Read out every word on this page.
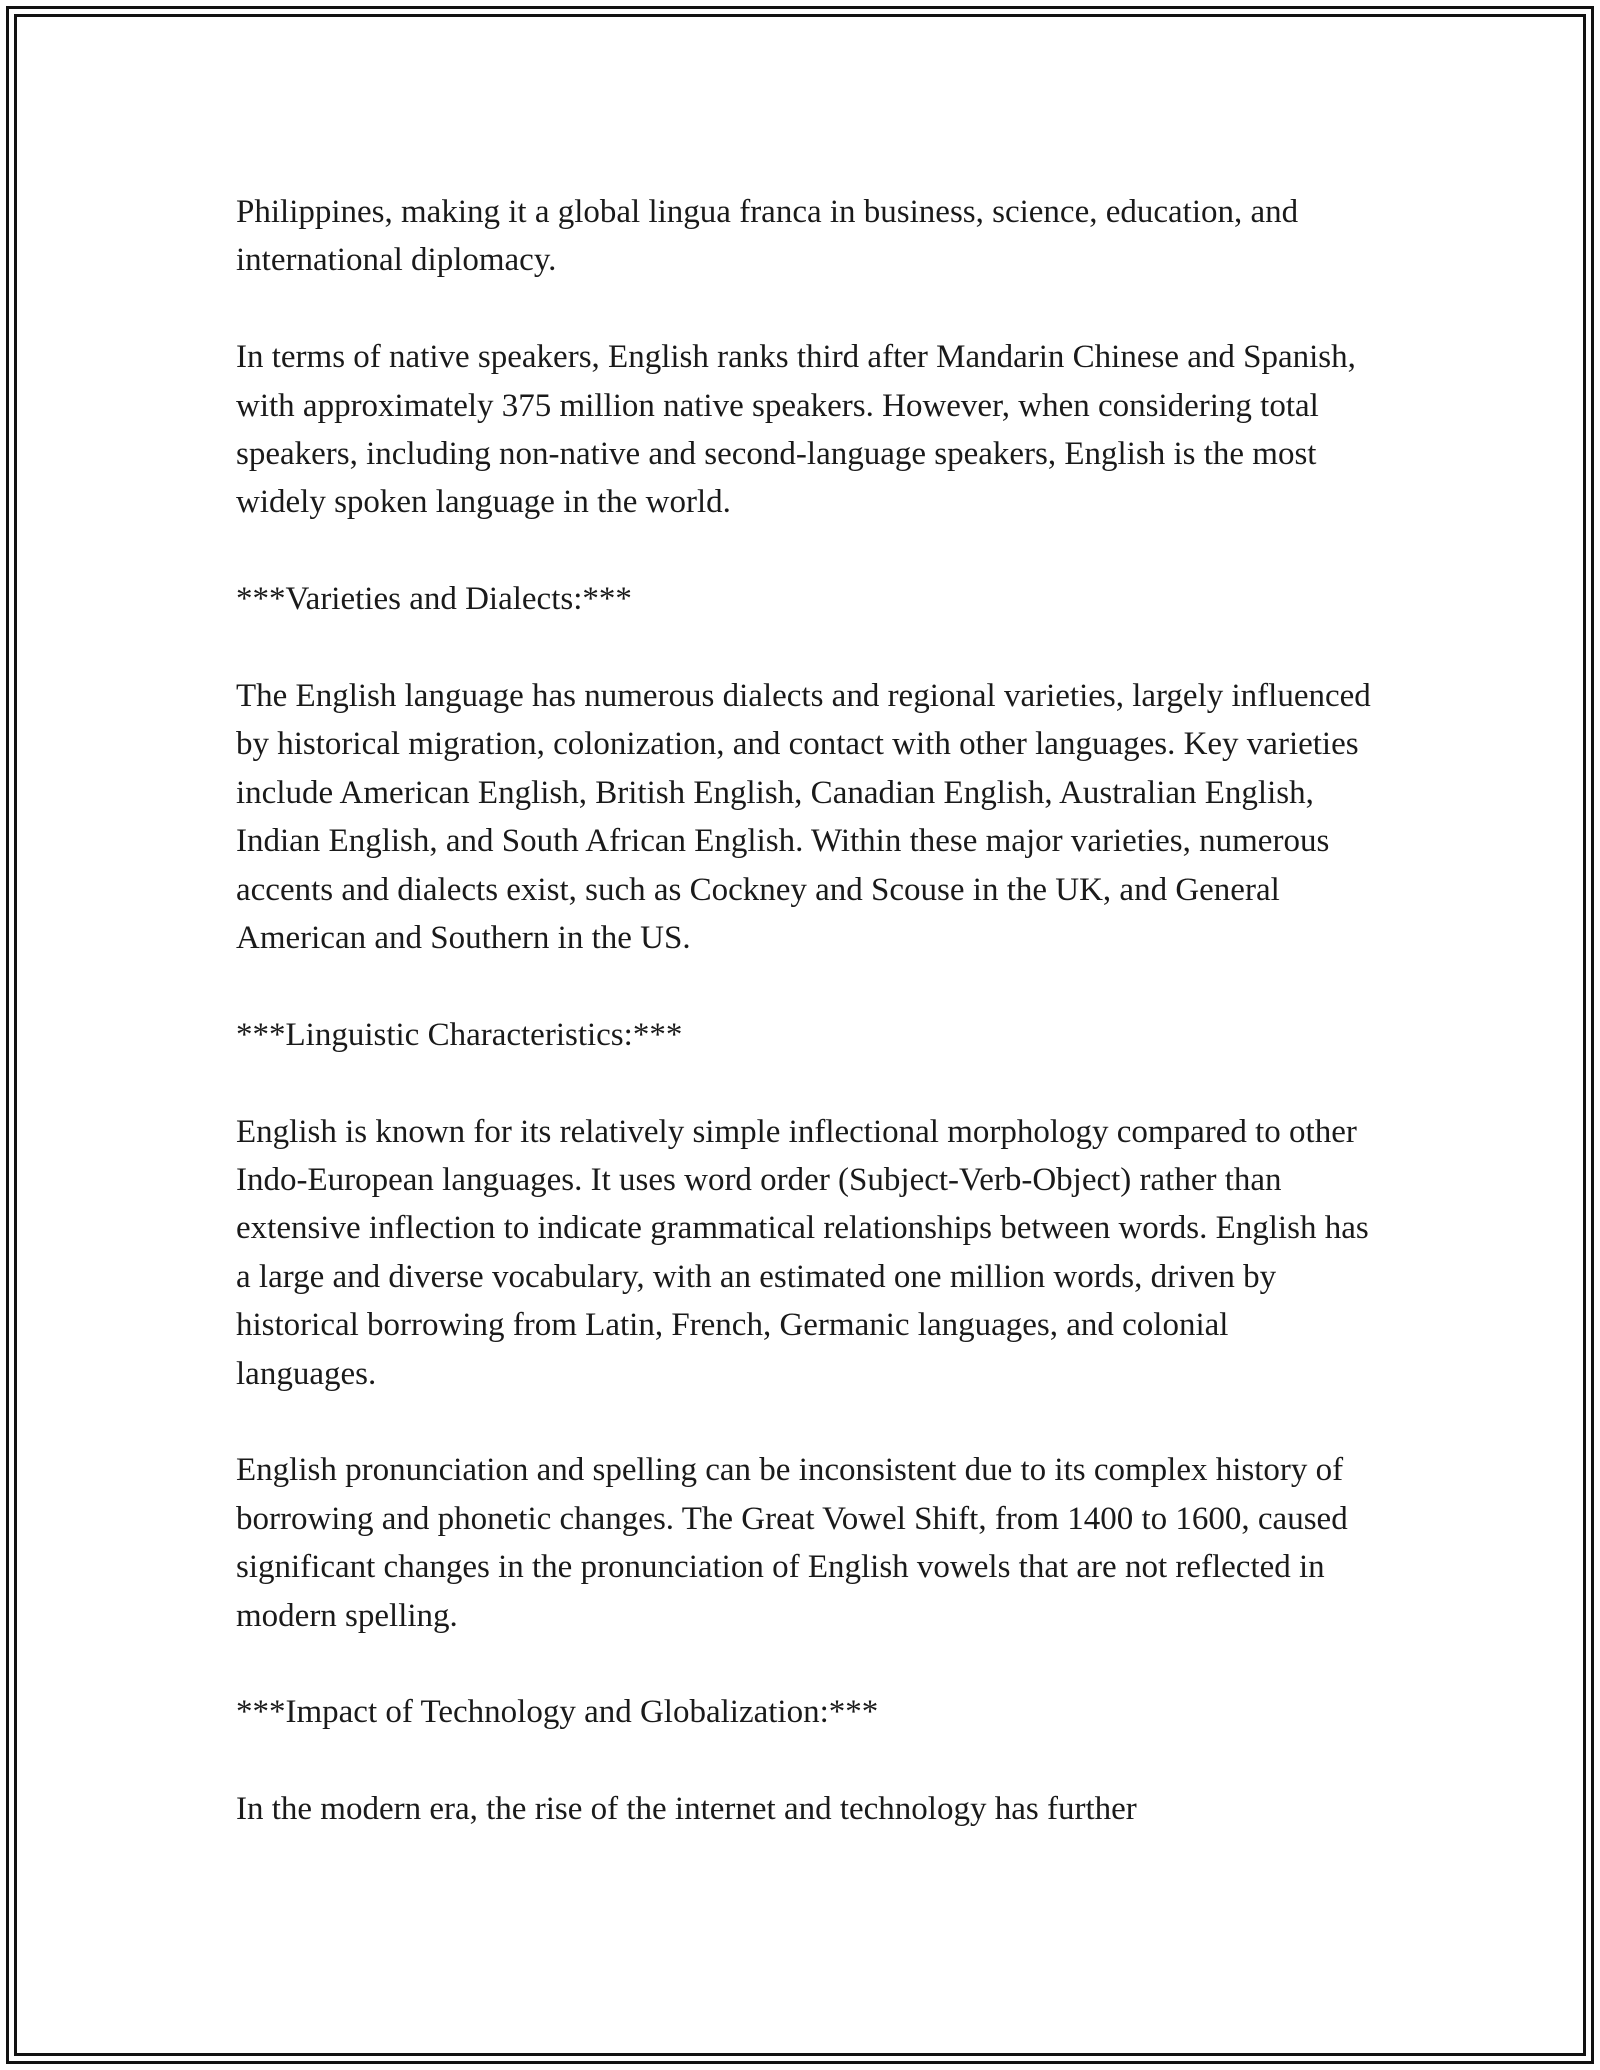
Philippines, making it a global lingua franca in business, science, education, and international diplomacy.

In terms of native speakers, English ranks third after Mandarin Chinese and Spanish, with approximately 375 million native speakers. However, when considering total speakers, including non-native and second-language speakers, English is the most widely spoken language in the world.

***Varieties and Dialects:***

The English language has numerous dialects and regional varieties, largely influenced by historical migration, colonization, and contact with other languages. Key varieties include American English, British English, Canadian English, Australian English, Indian English, and South African English. Within these major varieties, numerous accents and dialects exist, such as Cockney and Scouse in the UK, and General American and Southern in the US.

***Linguistic Characteristics:***

English is known for its relatively simple inflectional morphology compared to other Indo-European languages. It uses word order (Subject-Verb-Object) rather than extensive inflection to indicate grammatical relationships between words. English has a large and diverse vocabulary, with an estimated one million words, driven by historical borrowing from Latin, French, Germanic languages, and colonial languages.

English pronunciation and spelling can be inconsistent due to its complex history of borrowing and phonetic changes. The Great Vowel Shift, from 1400 to 1600, caused significant changes in the pronunciation of English vowels that are not reflected in modern spelling.

***Impact of Technology and Globalization:***

In the modern era, the rise of the internet and technology has further
